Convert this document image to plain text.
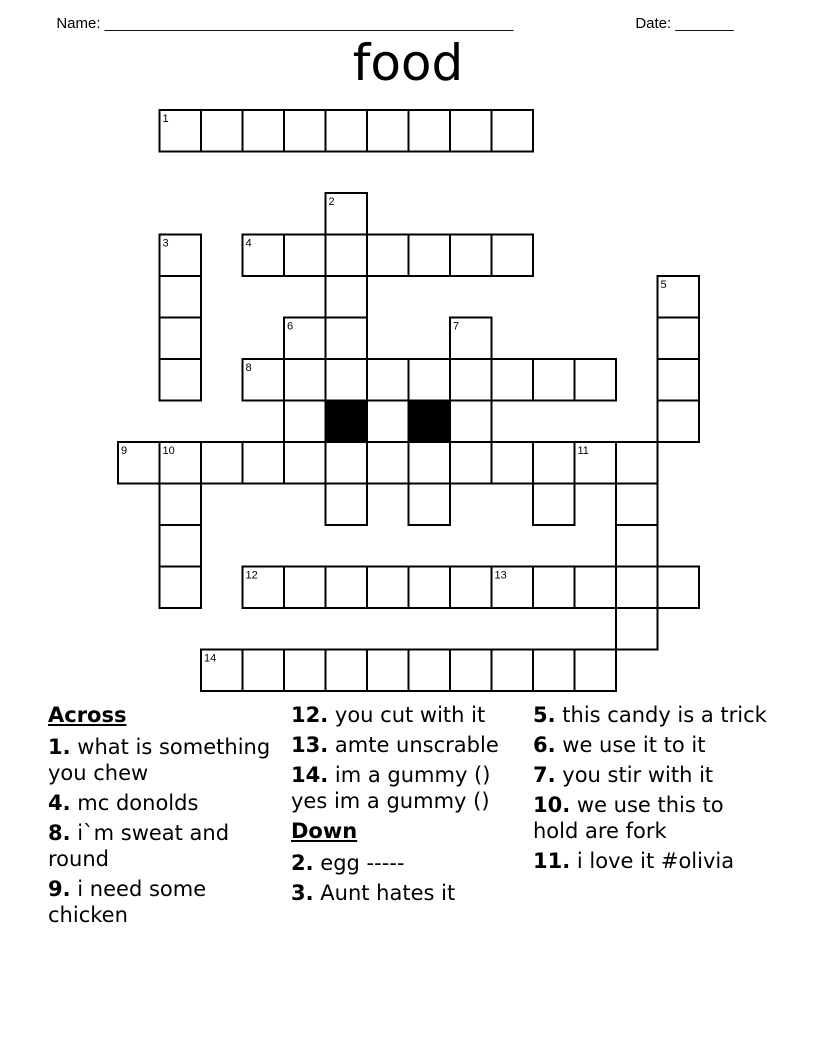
Name: _________________________________________________	Date: _______

food
1
2
3	4
5
6	7
8
9	10	11
12	13
14
Across
1. what is something you chew
4. mc donolds
8. i`m sweat and round
9. i need some chicken
12. you cut with it
13. amte unscrable
14. im a gummy () yes im a gummy ()
Down
2. egg -----
3. Aunt hates it
5. this candy is a trick
6. we use it to it
7. you stir with it
10. we use this to hold are fork
11. i love it #olivia
